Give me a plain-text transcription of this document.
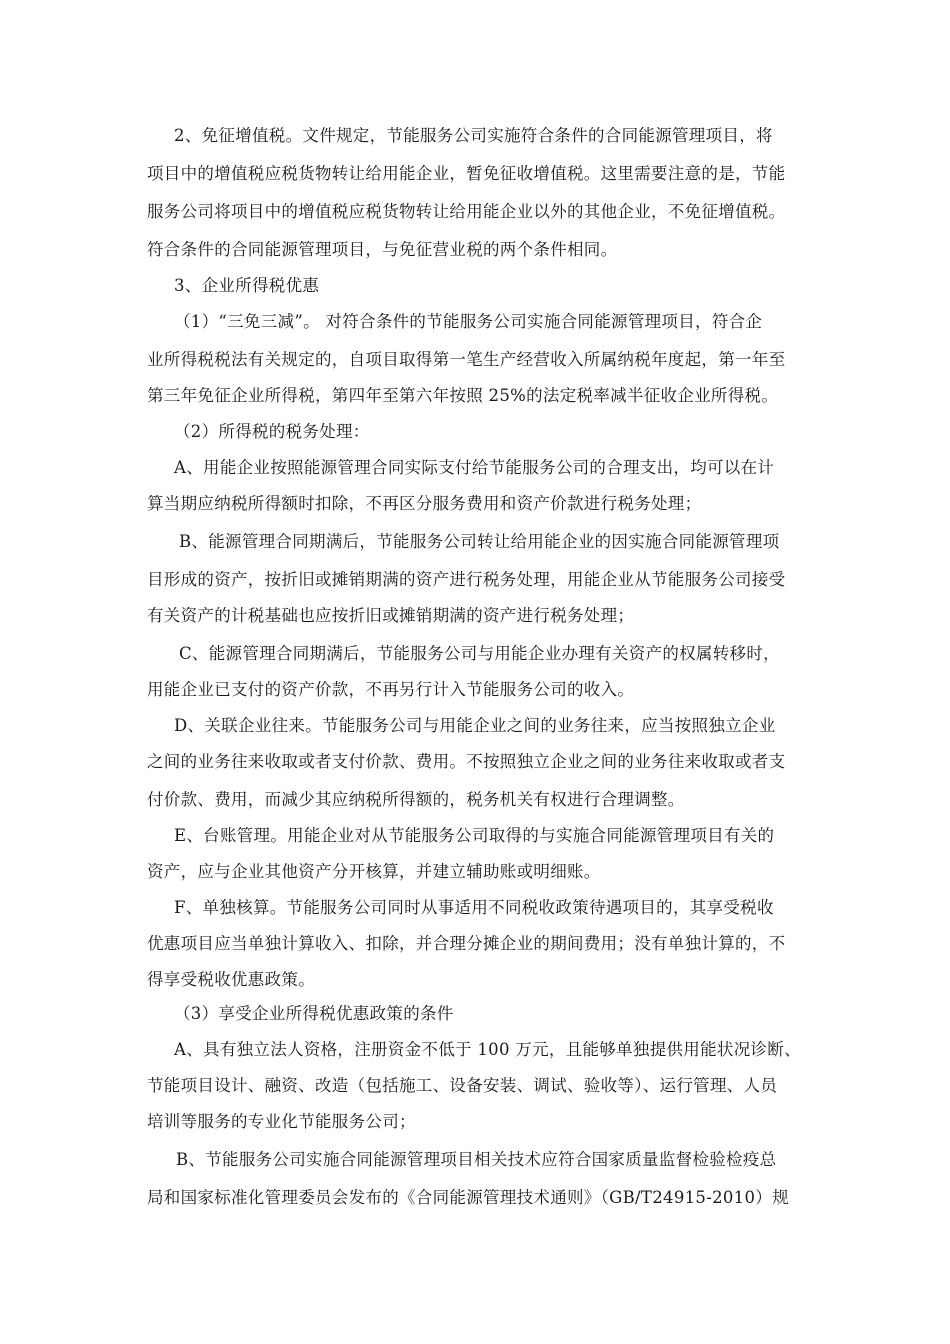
2、免征增值税。文件规定，节能服务公司实施符合条件的合同能源管理项目，将
项目中的增值税应税货物转让给用能企业，暂免征收增值税。这里需要注意的是，节能
服务公司将项目中的增值税应税货物转让给用能企业以外的其他企业，不免征增值税。
符合条件的合同能源管理项目，与免征营业税的两个条件相同。
3、企业所得税优惠
（1）“三免三减”。 对符合条件的节能服务公司实施合同能源管理项目，符合企
业所得税税法有关规定的，自项目取得第一笔生产经营收入所属纳税年度起，第一年至
第三年免征企业所得税，第四年至第六年按照 25%的法定税率减半征收企业所得税。
（2）所得税的税务处理：
A、用能企业按照能源管理合同实际支付给节能服务公司的合理支出，均可以在计
算当期应纳税所得额时扣除，不再区分服务费用和资产价款进行税务处理；
B、能源管理合同期满后，节能服务公司转让给用能企业的因实施合同能源管理项
目形成的资产，按折旧或摊销期满的资产进行税务处理，用能企业从节能服务公司接受
有关资产的计税基础也应按折旧或摊销期满的资产进行税务处理；
C、能源管理合同期满后，节能服务公司与用能企业办理有关资产的权属转移时，
用能企业已支付的资产价款，不再另行计入节能服务公司的收入。
D、关联企业往来。节能服务公司与用能企业之间的业务往来，应当按照独立企业
之间的业务往来收取或者支付价款、费用。不按照独立企业之间的业务往来收取或者支
付价款、费用，而减少其应纳税所得额的，税务机关有权进行合理调整。
E、台账管理。用能企业对从节能服务公司取得的与实施合同能源管理项目有关的
资产，应与企业其他资产分开核算，并建立辅助账或明细账。
F、单独核算。节能服务公司同时从事适用不同税收政策待遇项目的，其享受税收
优惠项目应当单独计算收入、扣除，并合理分摊企业的期间费用；没有单独计算的，不
得享受税收优惠政策。
（3）享受企业所得税优惠政策的条件
A、具有独立法人资格，注册资金不低于 100 万元，且能够单独提供用能状况诊断、
节能项目设计、融资、改造（包括施工、设备安装、调试、验收等）、运行管理、人员
培训等服务的专业化节能服务公司；
B、节能服务公司实施合同能源管理项目相关技术应符合国家质量监督检验检疫总
局和国家标准化管理委员会发布的《合同能源管理技术通则》（GB/T24915-2010）规
